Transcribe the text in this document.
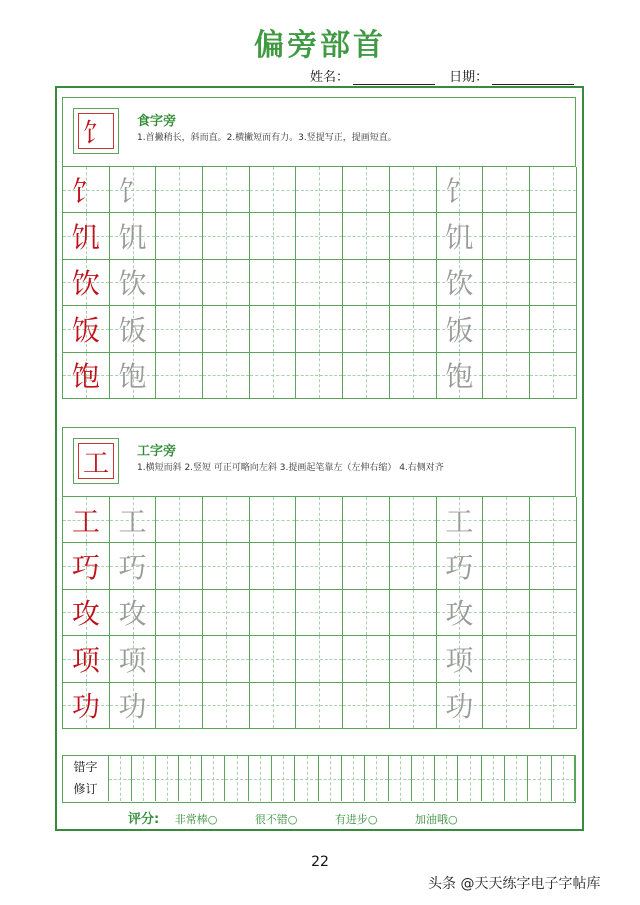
偏旁部首
姓名：	日期：
饣	食字旁
1.首撇稍长，斜而直。2.横撇短而有力。3.竖提写正，提画短直。
饣 饣	饣
饥 饥	饥
饮 饮	饮
饭 饭	饭
饱 饱	饱
工	工字旁
1.横短而斜 2.竖短 可正可略向左斜 3.提画起笔靠左（左伸右缩） 4.右侧对齐
工 工	工
巧 巧	巧
攻 攻	攻
项 项	项
功 功	功
错字
修订
评分: 非常棒○	很不错○	有进步○	加油哦○
22
头条 @天天练字电子字帖库
